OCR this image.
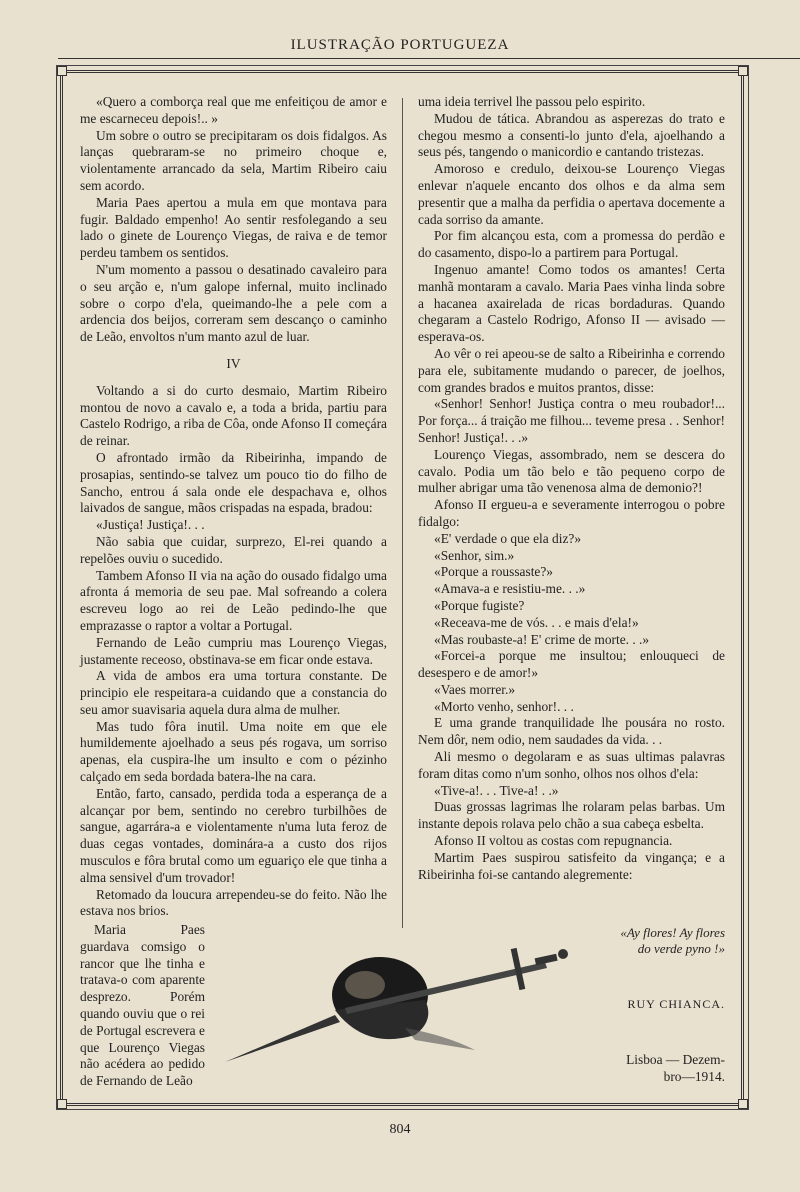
ILUSTRAÇÃO PORTUGUEZA

«Quero a comborça real que me enfeitiçou de amor e me escarneceu depois!.. »

Um sobre o outro se precipitaram os dois fidalgos. As lanças quebraram-se no primeiro choque e, violentamente arrancado da sela, Martim Ribeiro caiu sem acordo.

Maria Paes apertou a mula em que montava para fugir. Baldado empenho! Ao sentir resfolegando a seu lado o ginete de Lourenço Viegas, de raiva e de temor perdeu tambem os sentidos.

N'um momento a passou o desatinado cavaleiro para o seu arção e, n'um galope infernal, muito inclinado sobre o corpo d'ela, queimando-lhe a pele com a ardencia dos beijos, correram sem descanço o caminho de Leão, envoltos n'um manto azul de luar.

IV

Voltando a si do curto desmaio, Martim Ribeiro montou de novo a cavalo e, a toda a brida, partiu para Castelo Rodrigo, a riba de Côa, onde Afonso II começára de reinar.

O afrontado irmão da Ribeirinha, impando de prosapias, sentindo-se talvez um pouco tio do filho de Sancho, entrou á sala onde ele despachava e, olhos laivados de sangue, mãos crispadas na espada, bradou:

«Justiça! Justiça!. . .

Não sabia que cuidar, surprezo, El-rei quando a repelões ouviu o sucedido.

Tambem Afonso II via na ação do ousado fidalgo uma afronta á memoria de seu pae. Mal sofreando a colera escreveu logo ao rei de Leão pedindo-lhe que emprazasse o raptor a voltar a Portugal.

Fernando de Leão cumpriu mas Lourenço Viegas, justamente receoso, obstinava-se em ficar onde estava.

A vida de ambos era uma tortura constante. De principio ele respeitara-a cuidando que a constancia do seu amor suavisaria aquela dura alma de mulher.

Mas tudo fôra inutil. Uma noite em que ele humildemente ajoelhado a seus pés rogava, um sorriso apenas, ela cuspira-lhe um insulto e com o pézinho calçado em seda bordada batera-lhe na cara.

Então, farto, cansado, perdida toda a esperança de a alcançar por bem, sentindo no cerebro turbilhões de sangue, agarrára-a e violentamente n'uma luta feroz de duas cegas vontades, dominára-a a custo dos rijos musculos e fôra brutal como um eguariço ele que tinha a alma sensivel d'um trovador!

Retomado da loucura arrependeu-se do feito. Não lhe estava nos brios.

Maria Paes guardava comsigo o rancor que lhe tinha e tratava-o com aparente desprezo. Porém quando ouviu que o rei de Portugal escrevera e que Lourenço Viegas não acédera ao pedido de Fernando de Leão

uma ideia terrivel lhe passou pelo espirito.

Mudou de tática. Abrandou as asperezas do trato e chegou mesmo a consenti-lo junto d'ela, ajoelhando a seus pés, tangendo o manicordio e cantando tristezas.

Amoroso e credulo, deixou-se Lourenço Viegas enlevar n'aquele encanto dos olhos e da alma sem presentir que a malha da perfidia o apertava docemente a cada sorriso da amante.

Por fim alcançou esta, com a promessa do perdão e do casamento, dispo-lo a partirem para Portugal.

Ingenuo amante! Como todos os amantes! Certa manhã montaram a cavalo. Maria Paes vinha linda sobre a hacanea axairelada de ricas bordaduras. Quando chegaram a Castelo Rodrigo, Afonso II — avisado — esperava-os.

Ao vêr o rei apeou-se de salto a Ribeirinha e correndo para ele, subitamente mudando o parecer, de joelhos, com grandes brados e muitos prantos, disse:

«Senhor! Senhor! Justiça contra o meu roubador!... Por força... á traição me filhou... teveme presa . . Senhor! Senhor! Justiça!. . .»

Lourenço Viegas, assombrado, nem se descera do cavalo. Podia um tão belo e tão pequeno corpo de mulher abrigar uma tão venenosa alma de demonio?!

Afonso II ergueu-a e severamente interrogou o pobre fidalgo:

«E' verdade o que ela diz?»

«Senhor, sim.»

«Porque a roussaste?»

«Amava-a e resistiu-me. . .»

«Porque fugiste?

«Receava-me de vós. . . e mais d'ela!»

«Mas roubaste-a! E' crime de morte. . .»

«Forcei-a porque me insultou; enlouqueci de desespero e de amor!»

«Vaes morrer.»

«Morto venho, senhor!. . .

E uma grande tranquilidade lhe pousára no rosto. Nem dôr, nem odio, nem saudades da vida. . .

Ali mesmo o degolaram e as suas ultimas palavras foram ditas como n'um sonho, olhos nos olhos d'ela:

«Tive-a!. . . Tive-a! . .»

Duas grossas lagrimas lhe rolaram pelas barbas. Um instante depois rolava pelo chão a sua cabeça esbelta.

Afonso II voltou as costas com repugnancia.

Martim Paes suspirou satisfeito da vingança; e a Ribeirinha foi-se cantando alegremente:

«Ay flores! Ay flores
do verde pyno !»
RUY CHIANCA.
Lisboa — Dezem-
bro—1914.
804
